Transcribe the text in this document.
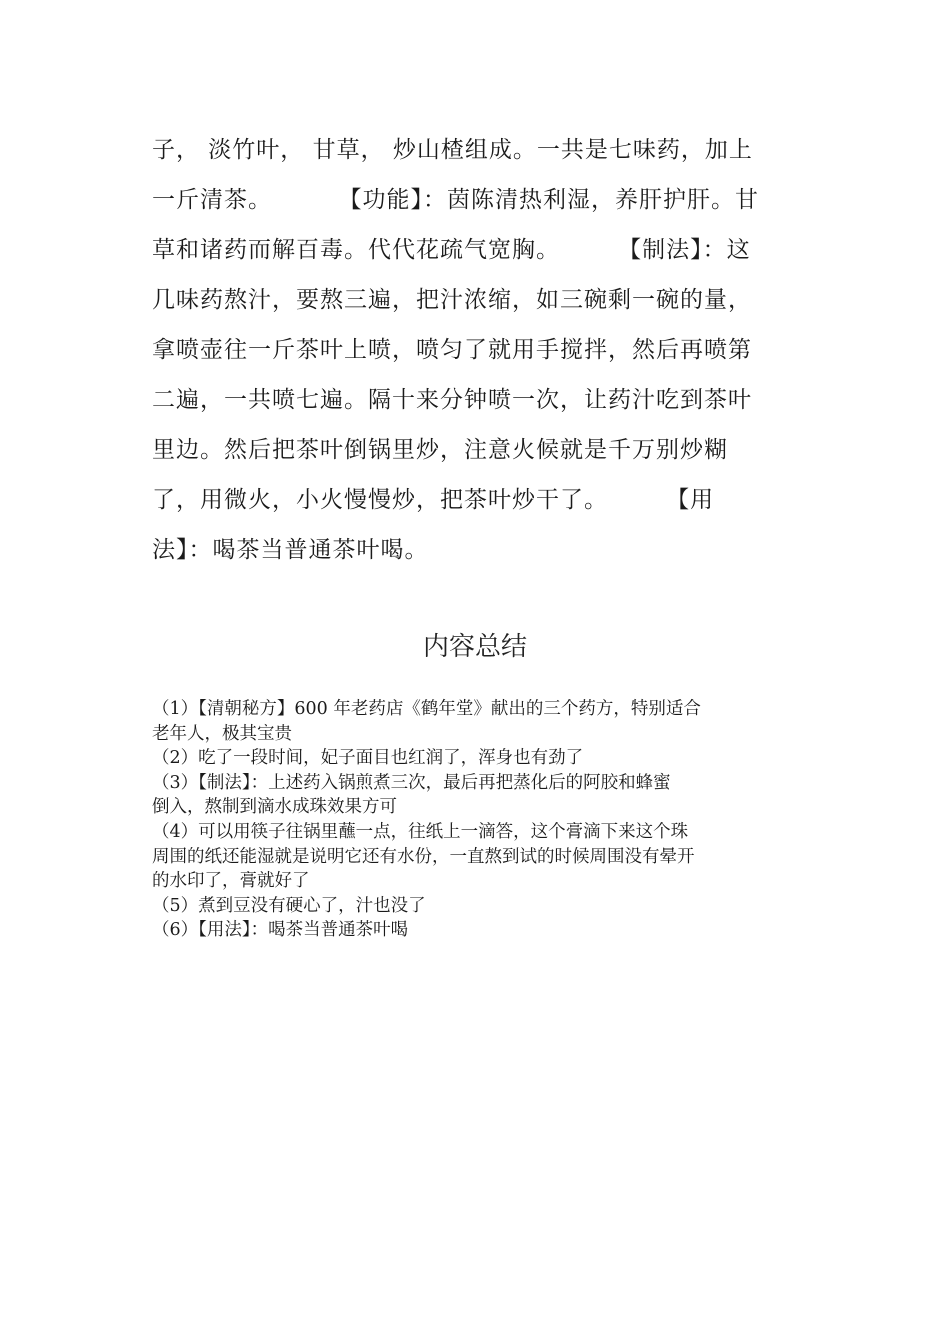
子， 淡竹叶， 甘草， 炒山楂组成。一共是七味药，加上
一斤清茶。        【功能】：茵陈清热利湿，养肝护肝。甘
草和诸药而解百毒。代代花疏气宽胸。       【制法】：这
几味药熬汁，要熬三遍，把汁浓缩，如三碗剩一碗的量，
拿喷壶往一斤茶叶上喷，喷匀了就用手搅拌，然后再喷第
二遍，一共喷七遍。隔十来分钟喷一次，让药汁吃到茶叶
里边。然后把茶叶倒锅里炒，注意火候就是千万别炒糊
了，用微火，小火慢慢炒，把茶叶炒干了。       【用
法】：喝茶当普通茶叶喝。
内容总结
（1）【清朝秘方】600 年老药店《鹤年堂》献出的三个药方，特别适合
老年人，极其宝贵
（2）吃了一段时间，妃子面目也红润了，浑身也有劲了
（3）【制法】：上述药入锅煎煮三次，最后再把蒸化后的阿胶和蜂蜜
倒入，熬制到滴水成珠效果方可
（4）可以用筷子往锅里蘸一点，往纸上一滴答，这个膏滴下来这个珠
周围的纸还能湿就是说明它还有水份，一直熬到试的时候周围没有晕开
的水印了，膏就好了
（5）煮到豆没有硬心了，汁也没了
（6）【用法】：喝茶当普通茶叶喝
